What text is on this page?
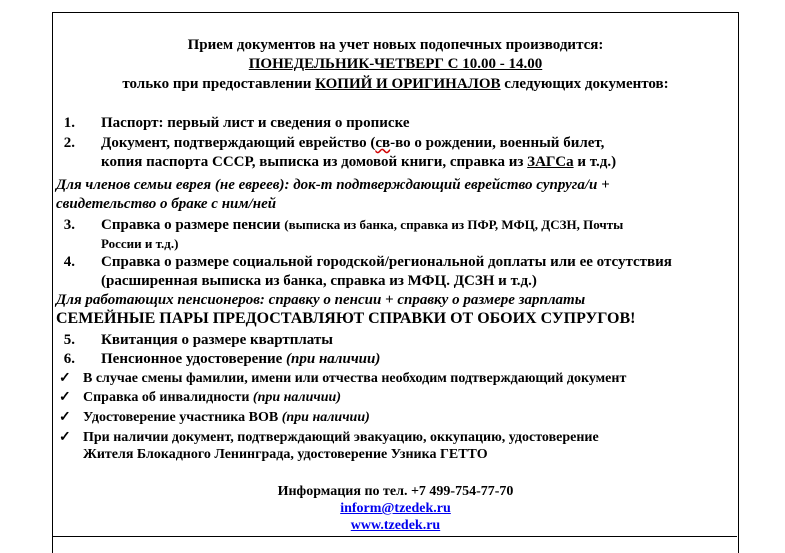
Прием документов на учет новых подопечных производится:
ПОНЕДЕЛЬНИК-ЧЕТВЕРГ С 10.00 - 14.00
только при предоставлении КОПИЙ И ОРИГИНАЛОВ следующих документов:
1. Паспорт: первый лист и сведения о прописке
2. Документ, подтверждающий еврейство (св-во о рождении, военный билет,
копия паспорта СССР, выписка из домовой книги, справка из ЗАГСа и т.д.)
Для членов семьи еврея (не евреев): док-т подтверждающий еврейство супруга/и +
свидетельство о браке с ним/ней
3. Справка о размере пенсии (выписка из банка, справка из ПФР, МФЦ, ДСЗН, Почты
России и т.д.)
4. Справка о размере социальной городской/региональной доплаты или ее отсутствия
(расширенная выписка из банка, справка из МФЦ. ДСЗН и т.д.)
Для работающих пенсионеров: справку о пенсии + справку о размере зарплаты
СЕМЕЙНЫЕ ПАРЫ ПРЕДОСТАВЛЯЮТ СПРАВКИ ОТ ОБОИХ СУПРУГОВ!
5. Квитанция о размере квартплаты
6. Пенсионное удостоверение (при наличии)
✓ В случае смены фамилии, имени или отчества необходим подтверждающий документ
✓ Справка об инвалидности (при наличии)
✓ Удостоверение участника ВОВ (при наличии)
✓ При наличии документ, подтверждающий эвакуацию, оккупацию, удостоверение
Жителя Блокадного Ленинграда, удостоверение Узника ГЕТТО
Информация по тел. +7 499-754-77-70
inform@tzedek.ru
www.tzedek.ru
